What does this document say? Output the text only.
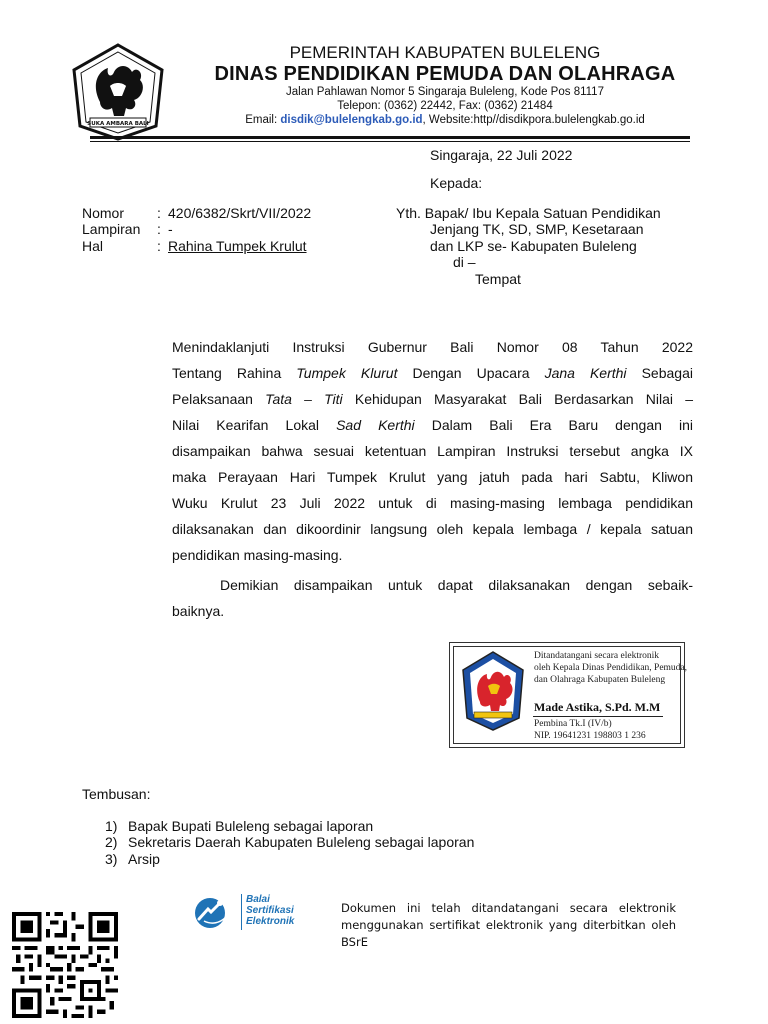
SUKA AMBARA BALI
PEMERINTAH KABUPATEN BULELENG
DINAS PENDIDIKAN PEMUDA DAN OLAHRAGA
Jalan Pahlawan Nomor 5 Singaraja Buleleng, Kode Pos 81117
Telepon: (0362) 22442, Fax: (0362) 21484
Email: disdik@bulelengkab.go.id, Website:http//disdikpora.bulelengkab.go.id
Singaraja, 22 Juli 2022
Kepada:
Yth. Bapak/ Ibu Kepala Satuan Pendidikan
Jenjang TK, SD, SMP, Kesetaraan
dan LKP se- Kabupaten Buleleng
di –
Tempat
Nomor	: 420/6382/Skrt/VII/2022
Lampiran	: -
Hal	: Rahina Tumpek Krulut
Menindaklanjuti Instruksi Gubernur Bali Nomor 08 Tahun 2022
Tentang Rahina Tumpek Klurut Dengan Upacara Jana Kerthi Sebagai
Pelaksanaan Tata – Titi Kehidupan Masyarakat Bali Berdasarkan Nilai –
Nilai Kearifan Lokal Sad Kerthi Dalam Bali Era Baru dengan ini
disampaikan bahwa sesuai ketentuan Lampiran Instruksi tersebut angka IX
maka Perayaan Hari Tumpek Krulut yang jatuh pada hari Sabtu, Kliwon
Wuku Krulut 23 Juli 2022 untuk di masing-masing lembaga pendidikan
dilaksanakan dan dikoordinir langsung oleh kepala lembaga / kepala satuan
pendidikan masing-masing.
Demikian disampaikan untuk dapat dilaksanakan dengan sebaik-
baiknya.
Ditandatangani secara elektronik
oleh Kepala Dinas Pendidikan, Pemuda,
dan Olahraga Kabupaten Buleleng
Made Astika, S.Pd. M.M
Pembina Tk.I (IV/b)
NIP. 19641231 198803 1 236
Tembusan:
1) Bapak Bupati Buleleng sebagai laporan
2) Sekretaris Daerah Kabupaten Buleleng sebagai laporan
3) Arsip
Balai
Sertifikasi
Elektronik
Dokumen ini telah ditandatangani secara elektronik
menggunakan sertifikat elektronik yang diterbitkan oleh
BSrE
